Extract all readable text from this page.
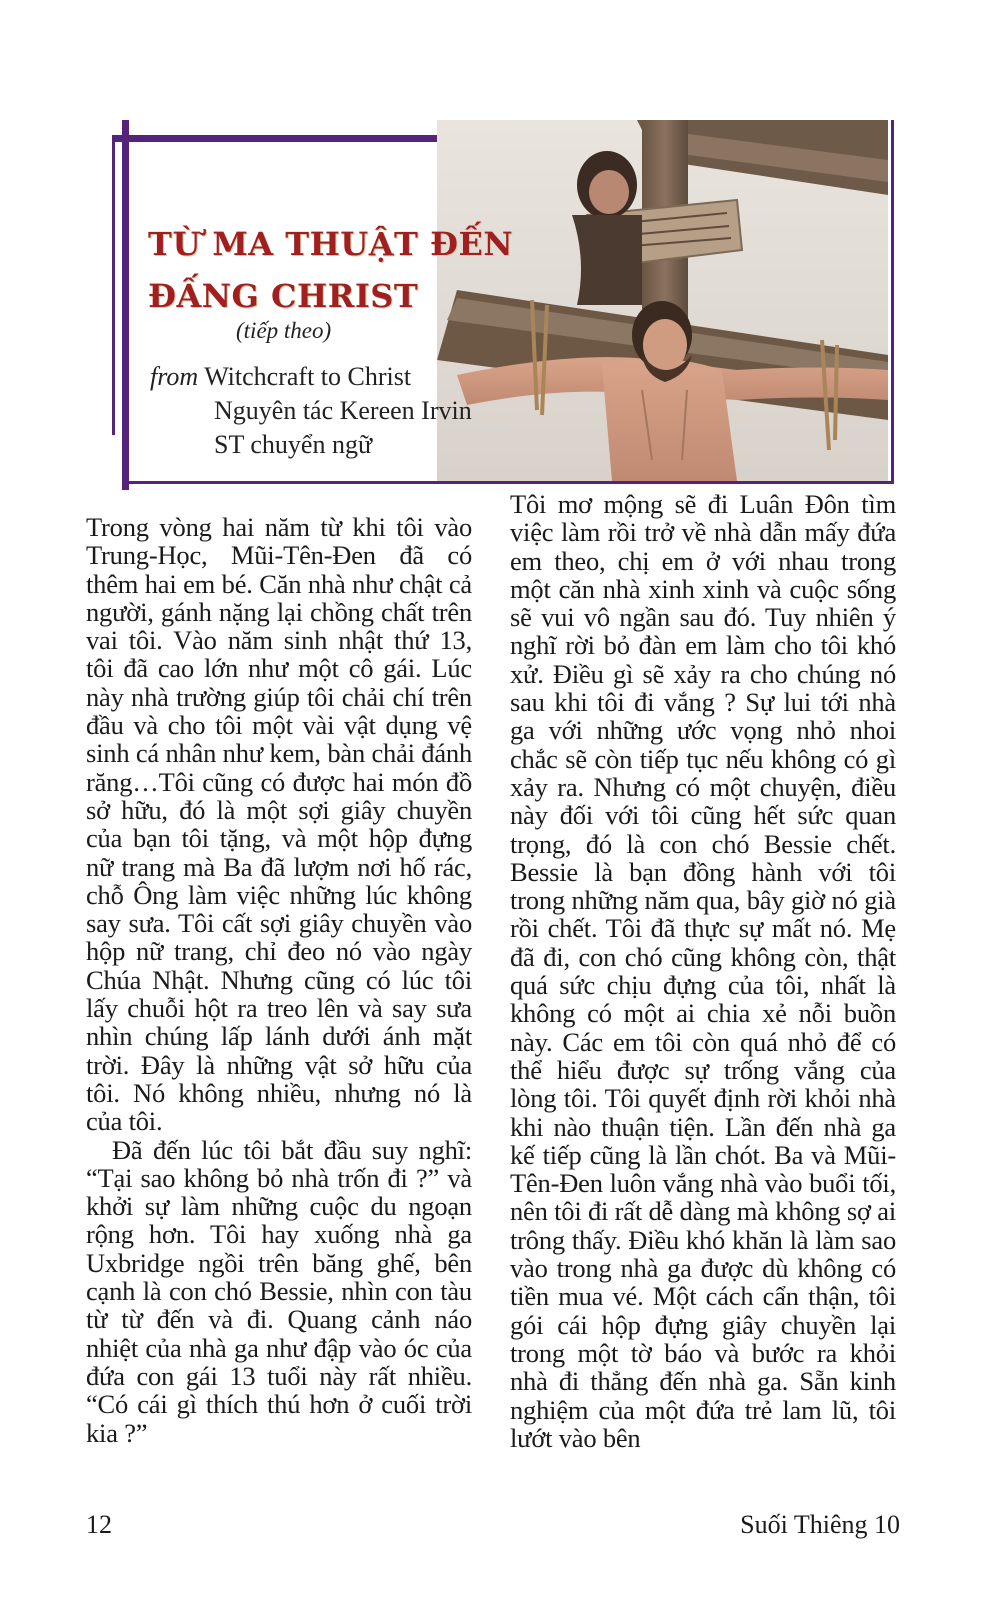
TỪ MA THUẬT ĐẾN
ĐẤNG CHRIST
(tiếp theo)
from Witchcraft to Christ
Nguyên tác Kereen Irvin
ST chuyển ngữ

Trong vòng hai năm từ khi tôi vào Trung-Học, Mũi-Tên-Đen đã có thêm hai em bé. Căn nhà như chật cả người, gánh nặng lại chồng chất trên vai tôi. Vào năm sinh nhật thứ 13, tôi đã cao lớn như một cô gái. Lúc này nhà trường giúp tôi chải chí trên đầu và cho tôi một vài vật dụng vệ sinh cá nhân như kem, bàn chải đánh răng…Tôi cũng có được hai món đồ sở hữu, đó là một sợi giây chuyền của bạn tôi tặng, và một hộp đựng nữ trang mà Ba đã lượm nơi hố rác, chỗ Ông làm việc những lúc không say sưa. Tôi cất sợi giây chuyền vào hộp nữ trang, chỉ đeo nó vào ngày Chúa Nhật. Nhưng cũng có lúc tôi lấy chuỗi hột ra treo lên và say sưa nhìn chúng lấp lánh dưới ánh mặt trời. Đây là những vật sở hữu của tôi. Nó không nhiều, nhưng nó là của tôi.

Đã đến lúc tôi bắt đầu suy nghĩ: “Tại sao không bỏ nhà trốn đi ?” và khởi sự làm những cuộc du ngoạn rộng hơn. Tôi hay xuống nhà ga Uxbridge ngồi trên băng ghế, bên cạnh là con chó Bessie, nhìn con tàu từ từ đến và đi. Quang cảnh náo nhiệt của nhà ga như đập vào óc của đứa con gái 13 tuổi này rất nhiều. “Có cái gì thích thú hơn ở cuối trời kia ?”

Tôi mơ mộng sẽ đi Luân Đôn tìm việc làm rồi trở về nhà dẫn mấy đứa em theo, chị em ở với nhau trong một căn nhà xinh xinh và cuộc sống sẽ vui vô ngần sau đó. Tuy nhiên ý nghĩ rời bỏ đàn em làm cho tôi khó xử. Điều gì sẽ xảy ra cho chúng nó sau khi tôi đi vắng ? Sự lui tới nhà ga với những ước vọng nhỏ nhoi chắc sẽ còn tiếp tục nếu không có gì xảy ra. Nhưng có một chuyện, điều này đối với tôi cũng hết sức quan trọng, đó là con chó Bessie chết. Bessie là bạn đồng hành với tôi trong những năm qua, bây giờ nó già rồi chết. Tôi đã thực sự mất nó. Mẹ đã đi, con chó cũng không còn, thật quá sức chịu đựng của tôi, nhất là không có một ai chia xẻ nỗi buồn này. Các em tôi còn quá nhỏ để có thể hiểu được sự trống vắng của lòng tôi. Tôi quyết định rời khỏi nhà khi nào thuận tiện. Lần đến nhà ga kế tiếp cũng là lần chót. Ba và Mũi-Tên-Đen luôn vắng nhà vào buổi tối, nên tôi đi rất dễ dàng mà không sợ ai trông thấy. Điều khó khăn là làm sao vào trong nhà ga được dù không có tiền mua vé. Một cách cẩn thận, tôi gói cái hộp đựng giây chuyền lại trong một tờ báo và bước ra khỏi nhà đi thẳng đến nhà ga. Sẵn kinh nghiệm của một đứa trẻ lam lũ, tôi lướt vào bên

12	Suối Thiêng 10
